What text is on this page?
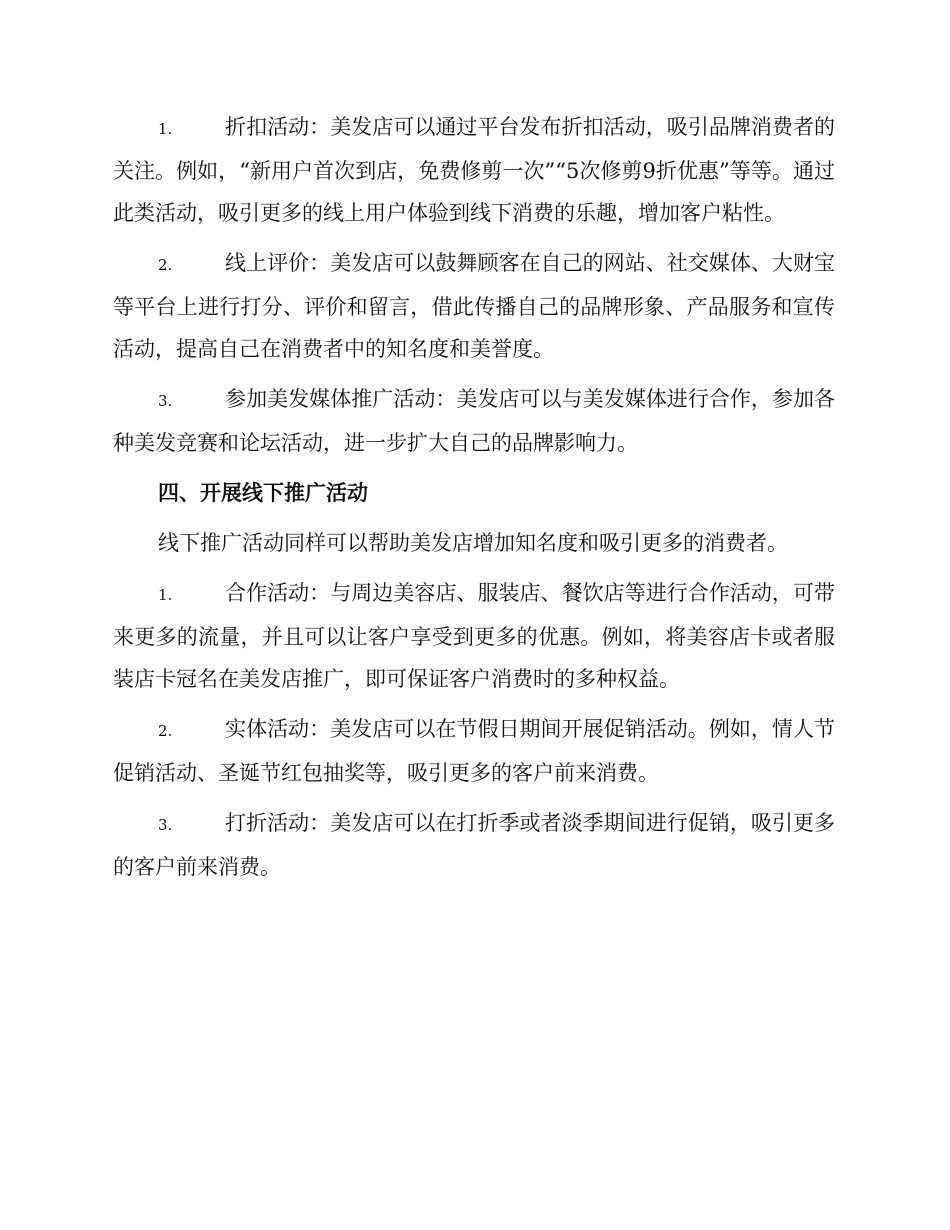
1.	折扣活动：美发店可以通过平台发布折扣活动，吸引品牌消费者的关注。例如，“新用户首次到店，免费修剪一次”“5次修剪9折优惠”等等。通过此类活动，吸引更多的线上用户体验到线下消费的乐趣，增加客户粘性。

2.	线上评价：美发店可以鼓舞顾客在自己的网站、社交媒体、大财宝等平台上进行打分、评价和留言，借此传播自己的品牌形象、产品服务和宣传活动，提高自己在消费者中的知名度和美誉度。

3.	参加美发媒体推广活动：美发店可以与美发媒体进行合作，参加各种美发竞赛和论坛活动，进一步扩大自己的品牌影响力。

四、开展线下推广活动

线下推广活动同样可以帮助美发店增加知名度和吸引更多的消费者。

1.	合作活动：与周边美容店、服装店、餐饮店等进行合作活动，可带来更多的流量，并且可以让客户享受到更多的优惠。例如，将美容店卡或者服装店卡冠名在美发店推广，即可保证客户消费时的多种权益。

2.	实体活动：美发店可以在节假日期间开展促销活动。例如，情人节促销活动、圣诞节红包抽奖等，吸引更多的客户前来消费。

3.	打折活动：美发店可以在打折季或者淡季期间进行促销，吸引更多的客户前来消费。
